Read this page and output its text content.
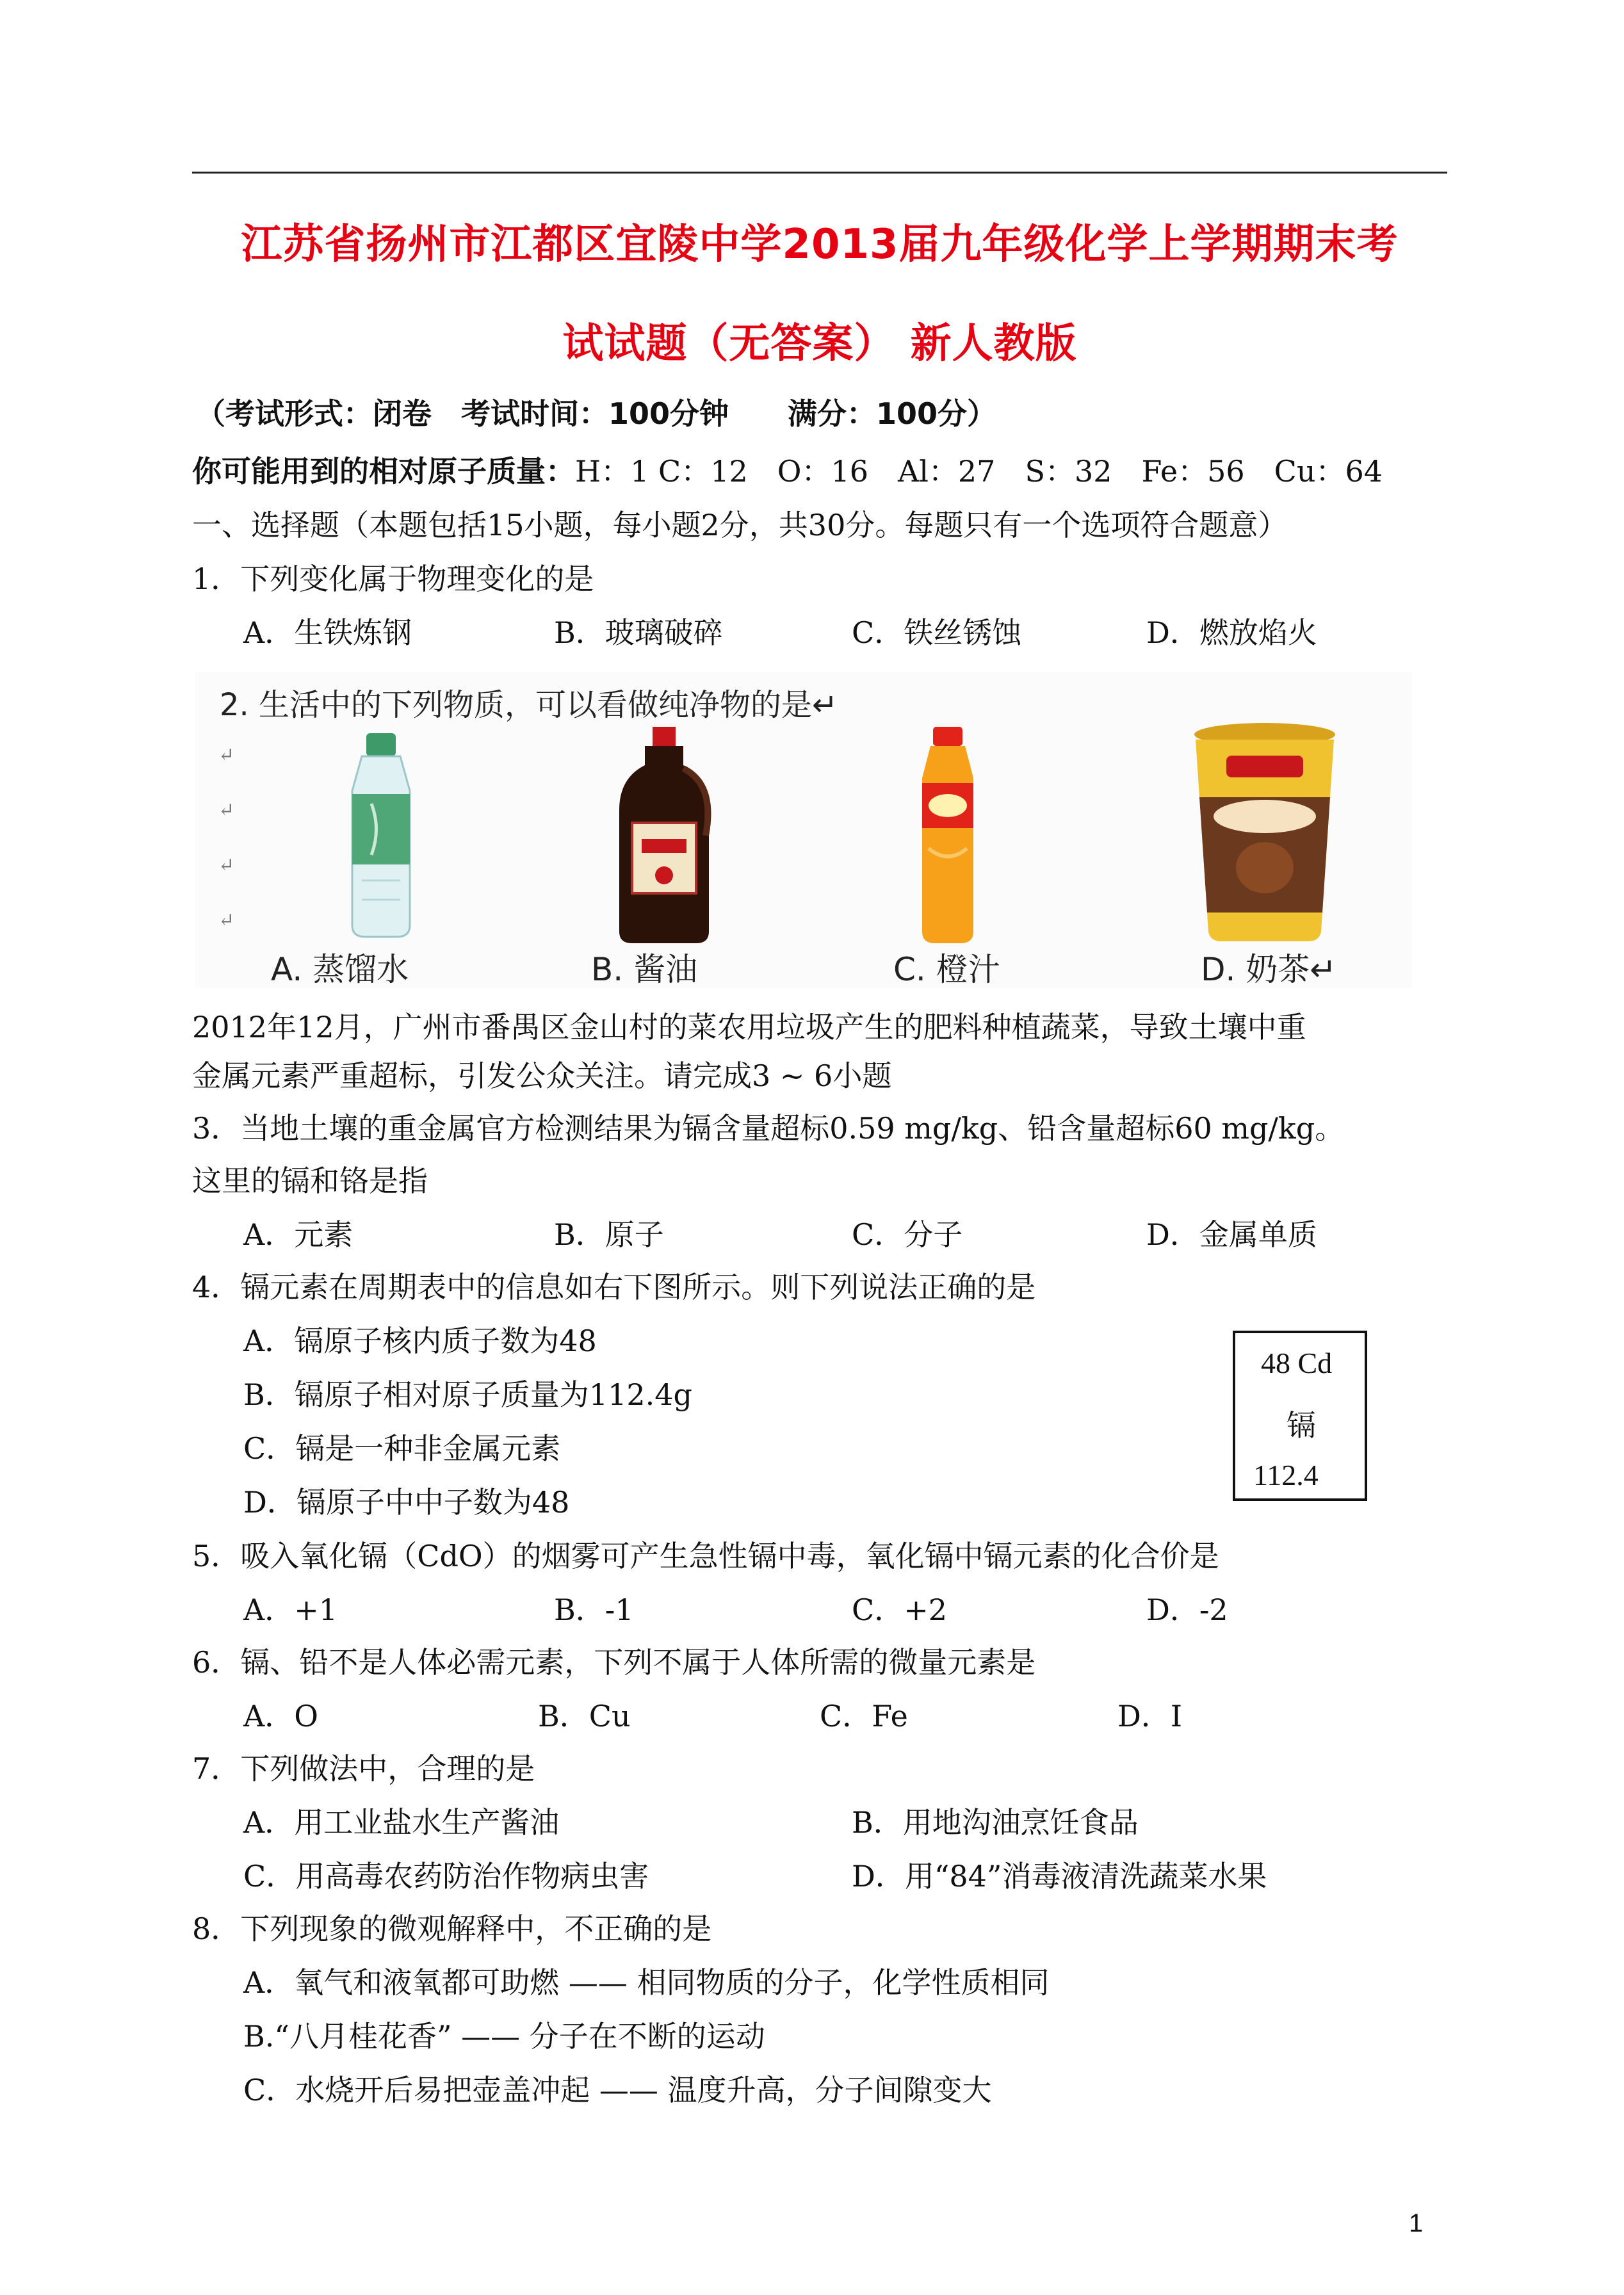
江苏省扬州市江都区宜陵中学2013届九年级化学上学期期末考
试试题（无答案） 新人教版
（考试形式：闭卷　考试时间：100分钟　　满分：100分）
你可能用到的相对原子质量：H：1 C：12　O：16　Al：27　S：32　Fe：56　Cu：64
一、选择题（本题包括15小题，每小题2分，共30分。每题只有一个选项符合题意）
1．下列变化属于物理变化的是
A．生铁炼钢	B．玻璃破碎	C．铁丝锈蚀	D．燃放焰火
2. 生活中的下列物质，可以看做纯净物的是↵
↵
↵
↵
↵
A. 蒸馏水	B. 酱油	C. 橙汁	D. 奶茶↵
2012年12月，广州市番禺区金山村的菜农用垃圾产生的肥料种植蔬菜，导致土壤中重
金属元素严重超标，引发公众关注。请完成3 ~ 6小题
3．当地土壤的重金属官方检测结果为镉含量超标0.59 mg/kg、铅含量超标60 mg/kg。
这里的镉和铬是指
A．元素	B．原子	C．分子	D．金属单质
4．镉元素在周期表中的信息如右下图所示。则下列说法正确的是
A．镉原子核内质子数为48
B．镉原子相对原子质量为112.4g
C．镉是一种非金属元素
D．镉原子中中子数为48
48 Cd
镉
112.4
5．吸入氧化镉（CdO）的烟雾可产生急性镉中毒，氧化镉中镉元素的化合价是
A．+1	B．-1	C．+2	D．-2
6．镉、铅不是人体必需元素，下列不属于人体所需的微量元素是
A．O	B．Cu	C．Fe	D．I
7．下列做法中，合理的是
A．用工业盐水生产酱油	B．用地沟油烹饪食品
C．用高毒农药防治作物病虫害	D．用“84”消毒液清洗蔬菜水果
8．下列现象的微观解释中，不正确的是
A．氧气和液氧都可助燃 —— 相同物质的分子，化学性质相同
B.“八月桂花香” —— 分子在不断的运动
C．水烧开后易把壶盖冲起 —— 温度升高，分子间隙变大
1
